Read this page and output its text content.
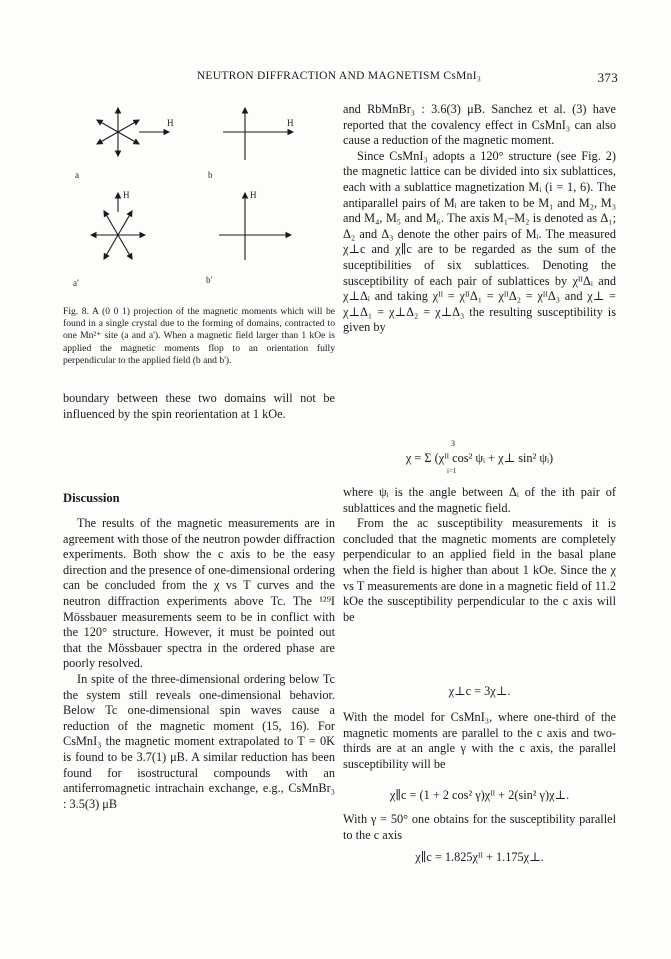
NEUTRON DIFFRACTION AND MAGNETISM CsMnI₃	373
H	H
H	H
a	b
a'	b'
Fig. 8. A (0 0 1) projection of the magnetic moments which will be found in a single crystal due to the forming of domains, contracted to one Mn²⁺ site (a and a'). When a magnetic field larger than 1 kOe is applied the magnetic moments flop to an orientation fully perpendicular to the applied field (b and b').

boundary between these two domains will not be influenced by the spin reorientation at 1 kOe.

Discussion

The results of the magnetic measurements are in agreement with those of the neutron powder diffraction experiments. Both show the c axis to be the easy direction and the presence of one-dimensional ordering can be concluded from the χ vs T curves and the neutron diffraction experiments above Tc. The ¹²⁹I Mössbauer measurements seem to be in conflict with the 120° structure. However, it must be pointed out that the Mössbauer spectra in the ordered phase are poorly resolved.

In spite of the three-dimensional ordering below Tc the system still reveals one-dimensional behavior. Below Tc one-dimensional spin waves cause a reduction of the magnetic moment (15, 16). For CsMnI₃ the magnetic moment extrapolated to T = 0K is found to be 3.7(1) μB. A similar reduction has been found for isostructural compounds with an antiferromagnetic intrachain exchange, e.g., CsMnBr₃ : 3.5(3) μB

and RbMnBr₃ : 3.6(3) μB. Sanchez et al. (3) have reported that the covalency effect in CsMnI₃ can also cause a reduction of the magnetic moment.

Since CsMnI₃ adopts a 120° structure (see Fig. 2) the magnetic lattice can be divided into six sublattices, each with a sublattice magnetization Mᵢ (i = 1, 6). The antiparallel pairs of Mᵢ are taken to be M₁ and M₂, M₃ and M₄, M₅ and M₆. The axis M₁–M₂ is denoted as Δ₁; Δ₂ and Δ₃ denote the other pairs of Mᵢ. The measured χ⊥c and χ∥c are to be regarded as the sum of the suceptibilities of six sublattices. Denoting the susceptibility of each pair of sublattices by χᴵᴵΔᵢ and χ⊥Δᵢ and taking χᴵᴵ = χᴵᴵΔ₁ = χᴵᴵΔ₂ = χᴵᴵΔ₃ and χ⊥ = χ⊥Δ₁ = χ⊥Δ₂ = χ⊥Δ₃ the resulting susceptibility is given by

3
χ = Σ (χᴵᴵ cos² ψᵢ + χ⊥ sin² ψᵢ)
i=1

where ψᵢ is the angle between Δᵢ of the ith pair of sublattices and the magnetic field.

From the ac susceptibility measurements it is concluded that the magnetic moments are completely perpendicular to an applied field in the basal plane when the field is higher than about 1 kOe. Since the χ vs T measurements are done in a magnetic field of 11.2 kOe the susceptibility perpendicular to the c axis will be

χ⊥c = 3χ⊥.
With the model for CsMnI₃, where one-third of the magnetic moments are parallel to the c axis and two-thirds are at an angle γ with the c axis, the parallel susceptibility will be
χ∥c = (1 + 2 cos² γ)χᴵᴵ + 2(sin² γ)χ⊥.
With γ = 50° one obtains for the susceptibility parallel to the c axis
χ∥c = 1.825χᴵᴵ + 1.175χ⊥.
